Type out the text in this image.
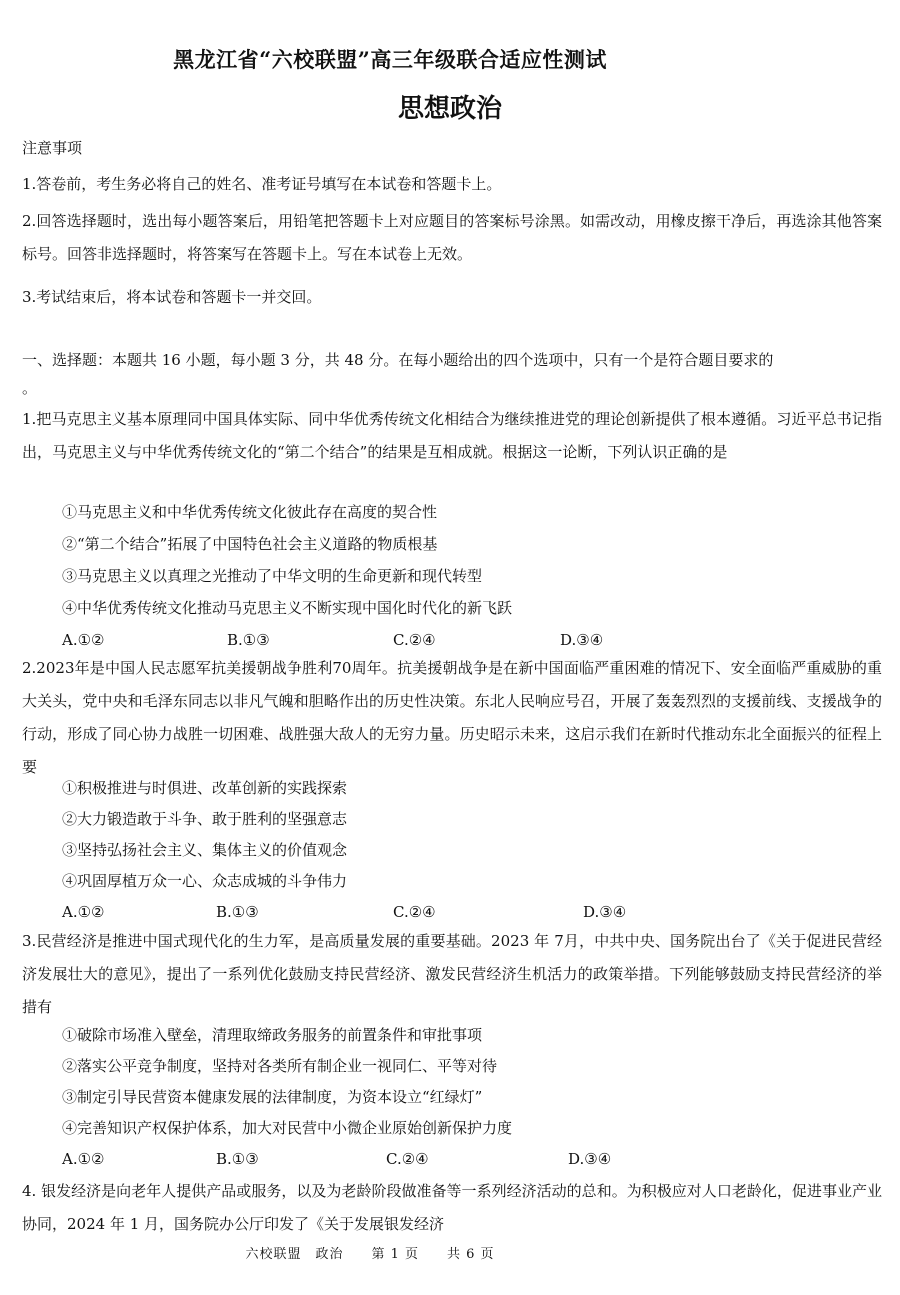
黑龙江省“六校联盟”高三年级联合适应性测试
思想政治
注意事项
1.答卷前，考生务必将自己的姓名、准考证号填写在本试卷和答题卡上。
2.回答选择题时，选出每小题答案后，用铅笔把答题卡上对应题目的答案标号涂黑。如需改动，用橡皮擦干净后，再选涂其他答案标号。回答非选择题时，将答案写在答题卡上。写在本试卷上无效。
3.考试结束后，将本试卷和答题卡一并交回。
一、选择题：本题共 16 小题，每小题 3 分，共 48 分。在每小题给出的四个选项中，只有一个是符合题目要求的
。
1.把马克思主义基本原理同中国具体实际、同中华优秀传统文化相结合为继续推进党的理论创新提供了根本遵循。习近平总书记指出，马克思主义与中华优秀传统文化的“第二个结合”的结果是互相成就。根据这一论断，下列认识正确的是
①马克思主义和中华优秀传统文化彼此存在高度的契合性
②“第二个结合”拓展了中国特色社会主义道路的物质根基
③马克思主义以真理之光推动了中华文明的生命更新和现代转型
④中华优秀传统文化推动马克思主义不断实现中国化时代化的新飞跃
A.①②	B.①③	C.②④	D.③④
2.2023年是中国人民志愿军抗美援朝战争胜利70周年。抗美援朝战争是在新中国面临严重困难的情况下、安全面临严重威胁的重大关头，党中央和毛泽东同志以非凡气魄和胆略作出的历史性决策。东北人民响应号召，开展了轰轰烈烈的支援前线、支援战争的行动，形成了同心协力战胜一切困难、战胜强大敌人的无穷力量。历史昭示未来，这启示我们在新时代推动东北全面振兴的征程上要
①积极推进与时俱进、改革创新的实践探索
②大力锻造敢于斗争、敢于胜利的坚强意志
③坚持弘扬社会主义、集体主义的价值观念
④巩固厚植万众一心、众志成城的斗争伟力
A.①②	B.①③	C.②④	D.③④
3.民营经济是推进中国式现代化的生力军，是高质量发展的重要基础。2023 年 7月，中共中央、国务院出台了《关于促进民营经济发展壮大的意见》，提出了一系列优化鼓励支持民营经济、激发民营经济生机活力的政策举措。下列能够鼓励支持民营经济的举措有
①破除市场准入壁垒，清理取缔政务服务的前置条件和审批事项
②落实公平竞争制度，坚持对各类所有制企业一视同仁、平等对待
③制定引导民营资本健康发展的法律制度，为资本设立“红绿灯”
④完善知识产权保护体系，加大对民营中小微企业原始创新保护力度
A.①②	B.①③	C.②④	D.③④
4. 银发经济是向老年人提供产品或服务，以及为老龄阶段做准备等一系列经济活动的总和。为积极应对人口老龄化，促进事业产业协同，2024 年 1 月，国务院办公厅印发了《关于发展银发经济
六校联盟　政治　　第 1 页　　共 6 页
